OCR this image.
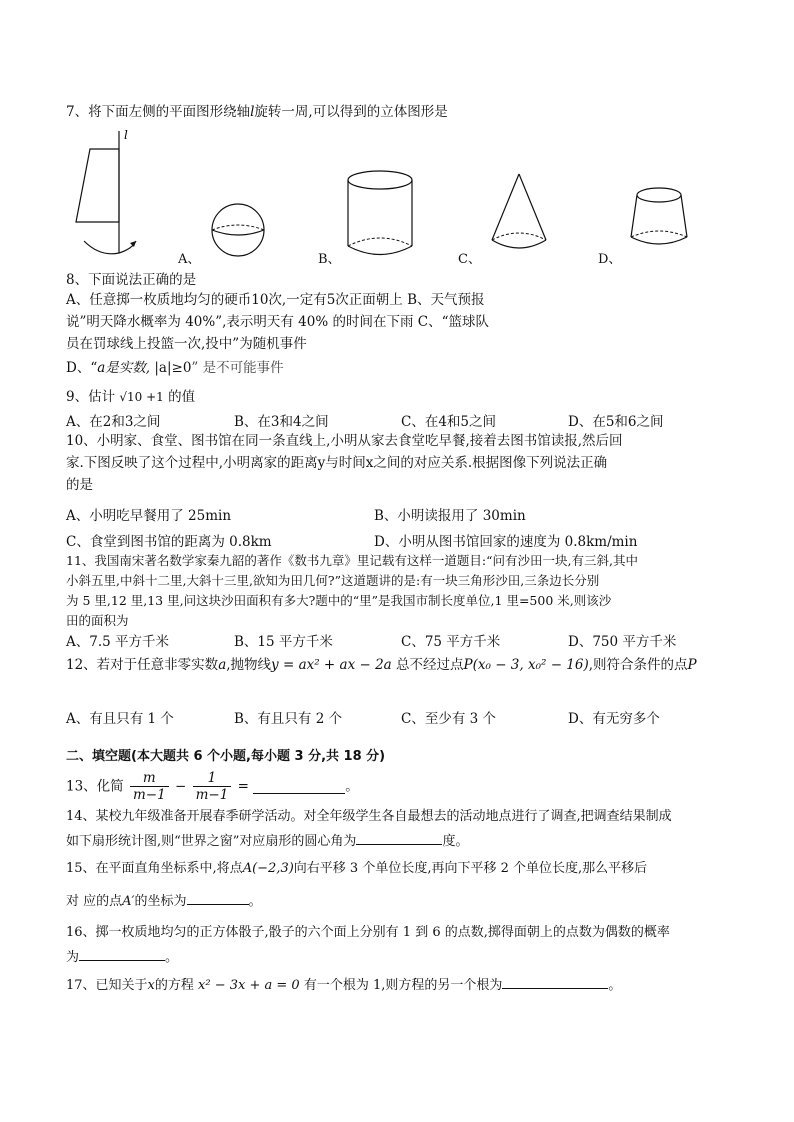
7、将下面左侧的平面图形绕轴l旋转一周,可以得到的立体图形是
l
A、	B、	C、	D、
8、下面说法正确的是
A、任意掷一枚质地均匀的硬币10次,一定有5次正面朝上 B、天气预报
说”明天降水概率为 40%”,表示明天有 40% 的时间在下雨 C、“篮球队
员在罚球线上投篮一次,投中”为随机事件
D、“a是实数, |a|≥0” 是不可能事件
9、估计 √10 +1 的值
A、在2和3之间	B、在3和4之间	C、在4和5之间	D、在5和6之间
10、小明家、食堂、图书馆在同一条直线上,小明从家去食堂吃早餐,接着去图书馆读报,然后回
家.下图反映了这个过程中,小明离家的距离y与时间x之间的对应关系.根据图像下列说法正确
的是
A、小明吃早餐用了 25min	B、小明读报用了 30min
C、食堂到图书馆的距离为 0.8km	D、小明从图书馆回家的速度为 0.8km/min
11、我国南宋著名数学家秦九韶的著作《数书九章》里记载有这样一道题目:“问有沙田一块,有三斜,其中
小斜五里,中斜十二里,大斜十三里,欲知为田几何?”这道题讲的是:有一块三角形沙田,三条边长分别
为 5 里,12 里,13 里,问这块沙田面积有多大?题中的“里”是我国市制长度单位,1 里=500 米,则该沙
田的面积为
A、7.5 平方千米	B、15 平方千米	C、75 平方千米	D、750 平方千米
12、若对于任意非零实数a,抛物线y = ax² + ax − 2a 总不经过点P(x₀ − 3, x₀² − 16),则符合条件的点P
A、有且只有 1 个	B、有且只有 2 个	C、至少有 3 个	D、有无穷多个
二、填空题(本大题共 6 个小题,每小题 3 分,共 18 分)
13、化简 $\frac{m}{m-1} - \frac{1}{m-1}$ =	。
14、某校九年级准备开展春季研学活动。对全年级学生各自最想去的活动地点进行了调查,把调查结果制成
如下扇形统计图,则“世界之窗”对应扇形的圆心角为	度。
15、在平面直角坐标系中,将点A(−2,3)向右平移 3 个单位长度,再向下平移 2 个单位长度,那么平移后
对 应的点A′的坐标为	。
16、掷一枚质地均匀的正方体骰子,骰子的六个面上分别有 1 到 6 的点数,掷得面朝上的点数为偶数的概率
为	。
17、已知关于x的方程 x² − 3x + a = 0 有一个根为 1,则方程的另一个根为	。
